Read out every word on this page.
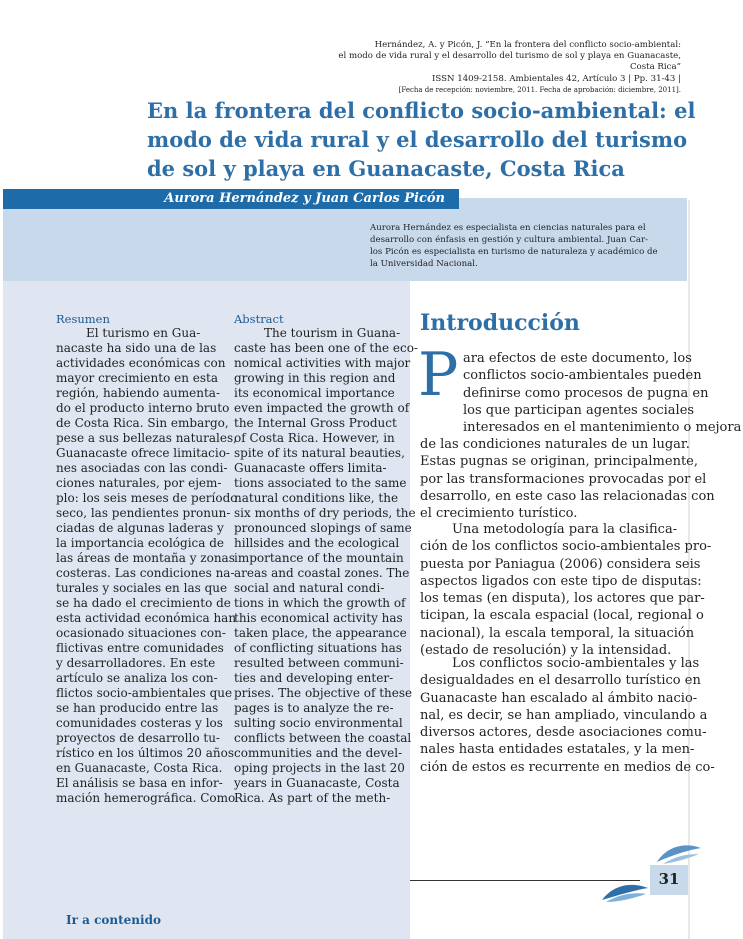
Hernández, A. y Picón, J. “En la frontera del conflicto socio-ambiental:
el modo de vida rural y el desarrollo del turismo de sol y playa en Guanacaste,
Costa Rica”
ISSN 1409-2158. Ambientales 42, Artículo 3 | Pp. 31-43 |
[Fecha de recepción: noviembre, 2011. Fecha de aprobación: diciembre, 2011].
En la frontera del conflicto socio-ambiental: el
modo de vida rural y el desarrollo del turismo
de sol y playa en Guanacaste, Costa Rica
Aurora Hernández y Juan Carlos Picón
Aurora Hernández es especialista en ciencias naturales para el
desarrollo con énfasis en gestión y cultura ambiental. Juan Car-
los Picón es especialista en turismo de naturaleza y académico de
la Universidad Nacional.
Resumen
El turismo en Gua-
nacaste ha sido una de las
actividades económicas con
mayor crecimiento en esta
región, habiendo aumenta-
do el producto interno bruto
de Costa Rica. Sin embargo,
pese a sus bellezas naturales,
Guanacaste ofrece limitacio-
nes asociadas con las condi-
ciones naturales, por ejem-
plo: los seis meses de período
seco, las pendientes pronun-
ciadas de algunas laderas y
la importancia ecológica de
las áreas de montaña y zonas
costeras. Las condiciones na-
turales y sociales en las que
se ha dado el crecimiento de
esta actividad económica han
ocasionado situaciones con-
flictivas entre comunidades
y desarrolladores. En este
artículo se analiza los con-
flictos socio-ambientales que
se han producido entre las
comunidades costeras y los
proyectos de desarrollo tu-
rístico en los últimos 20 años
en Guanacaste, Costa Rica.
El análisis se basa en infor-
mación hemerográfica. Como
Abstract
The tourism in Guana-
caste has been one of the eco-
nomical activities with major
growing in this region and
its economical importance
even impacted the growth of
the Internal Gross Product
of Costa Rica. However, in
spite of its natural beauties,
Guanacaste offers limita-
tions associated to the same
natural conditions like, the
six months of dry periods, the
pronounced slopings of same
hillsides and the ecological
importance of the mountain
areas and coastal zones. The
social and natural condi-
tions in which the growth of
this economical activity has
taken place, the appearance
of conflicting situations has
resulted between communi-
ties and developing enter-
prises. The objective of these
pages is to analyze the re-
sulting socio environmental
conflicts between the coastal
communities and the devel-
oping projects in the last 20
years in Guanacaste, Costa
Rica. As part of the meth-
Introducción
P ara efectos de este documento, los
conflictos socio-ambientales pueden
definirse como procesos de pugna en
los que participan agentes sociales
interesados en el mantenimiento o mejora
de las condiciones naturales de un lugar.
Estas pugnas se originan, principalmente,
por las transformaciones provocadas por el
desarrollo, en este caso las relacionadas con
el crecimiento turístico.
Una metodología para la clasifica-
ción de los conflictos socio-ambientales pro-
puesta por Paniagua (2006) considera seis
aspectos ligados con este tipo de disputas:
los temas (en disputa), los actores que par-
ticipan, la escala espacial (local, regional o
nacional), la escala temporal, la situación
(estado de resolución) y la intensidad.
Los conflictos socio-ambientales y las
desigualdades en el desarrollo turístico en
Guanacaste han escalado al ámbito nacio-
nal, es decir, se han ampliado, vinculando a
diversos actores, desde asociaciones comu-
nales hasta entidades estatales, y la men-
ción de estos es recurrente en medios de co-
31
Ir a contenido
